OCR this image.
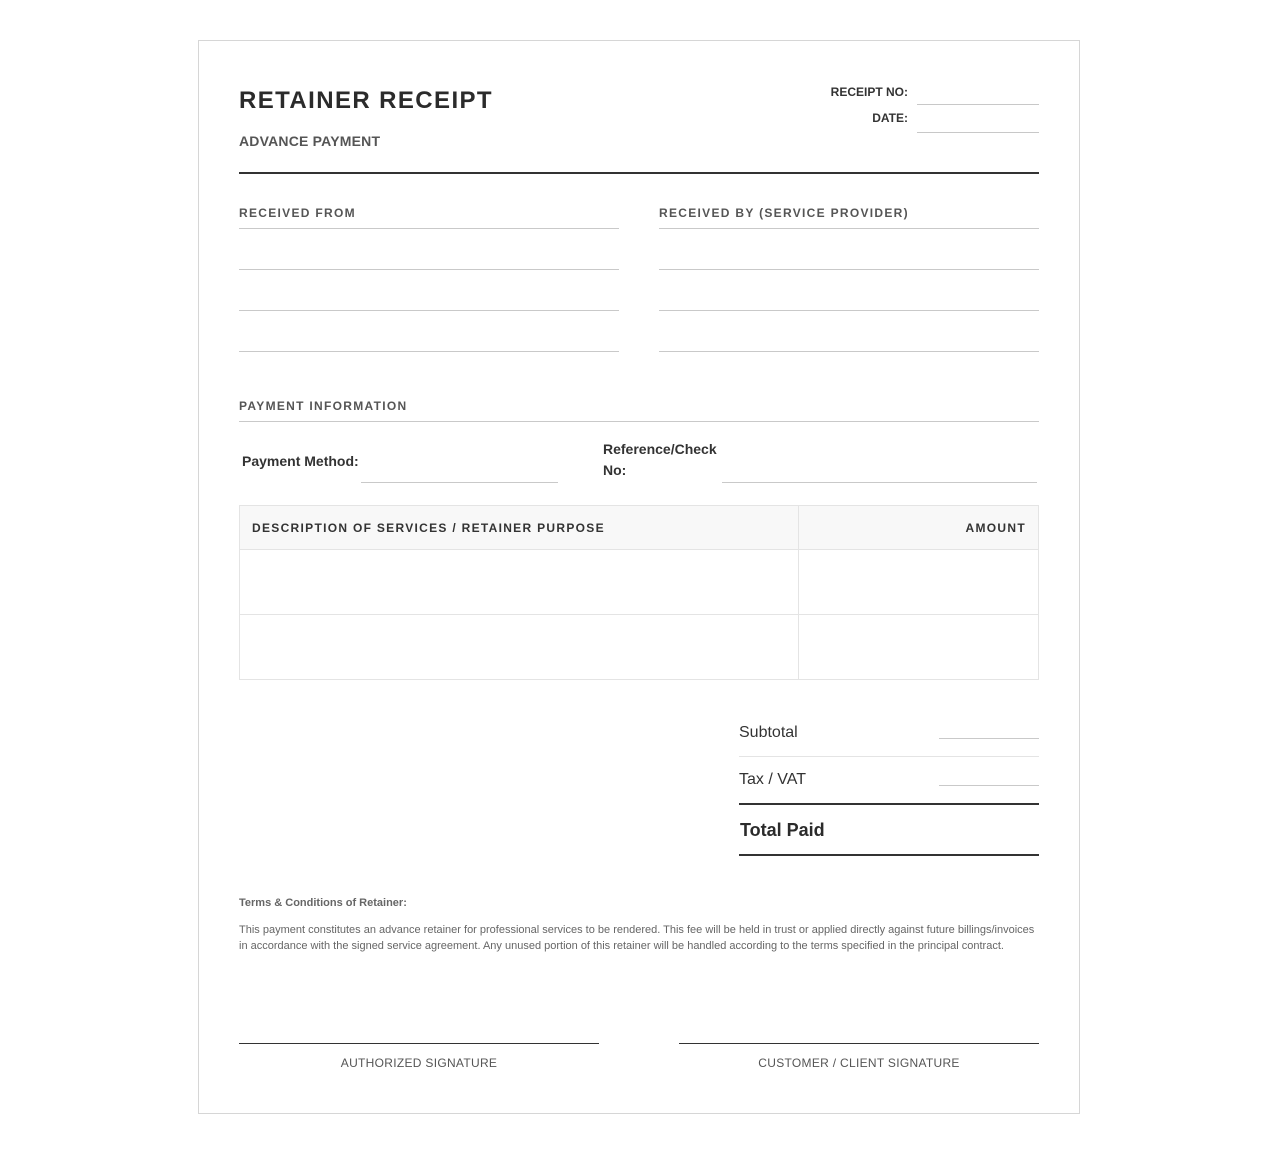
RETAINER RECEIPT
ADVANCE PAYMENT
RECEIPT NO:
DATE:
RECEIVED FROM	RECEIVED BY (SERVICE PROVIDER)
PAYMENT INFORMATION
Payment Method:
Reference/Check
No:
DESCRIPTION OF SERVICES / RETAINER PURPOSE	AMOUNT

Subtotal
Tax / VAT
Total Paid
Terms & Conditions of Retainer:
This payment constitutes an advance retainer for professional services to be rendered. This fee will be held in trust or applied directly against future billings/invoices in accordance with the signed service agreement. Any unused portion of this retainer will be handled according to the terms specified in the principal contract.
AUTHORIZED SIGNATURE	CUSTOMER / CLIENT SIGNATURE
